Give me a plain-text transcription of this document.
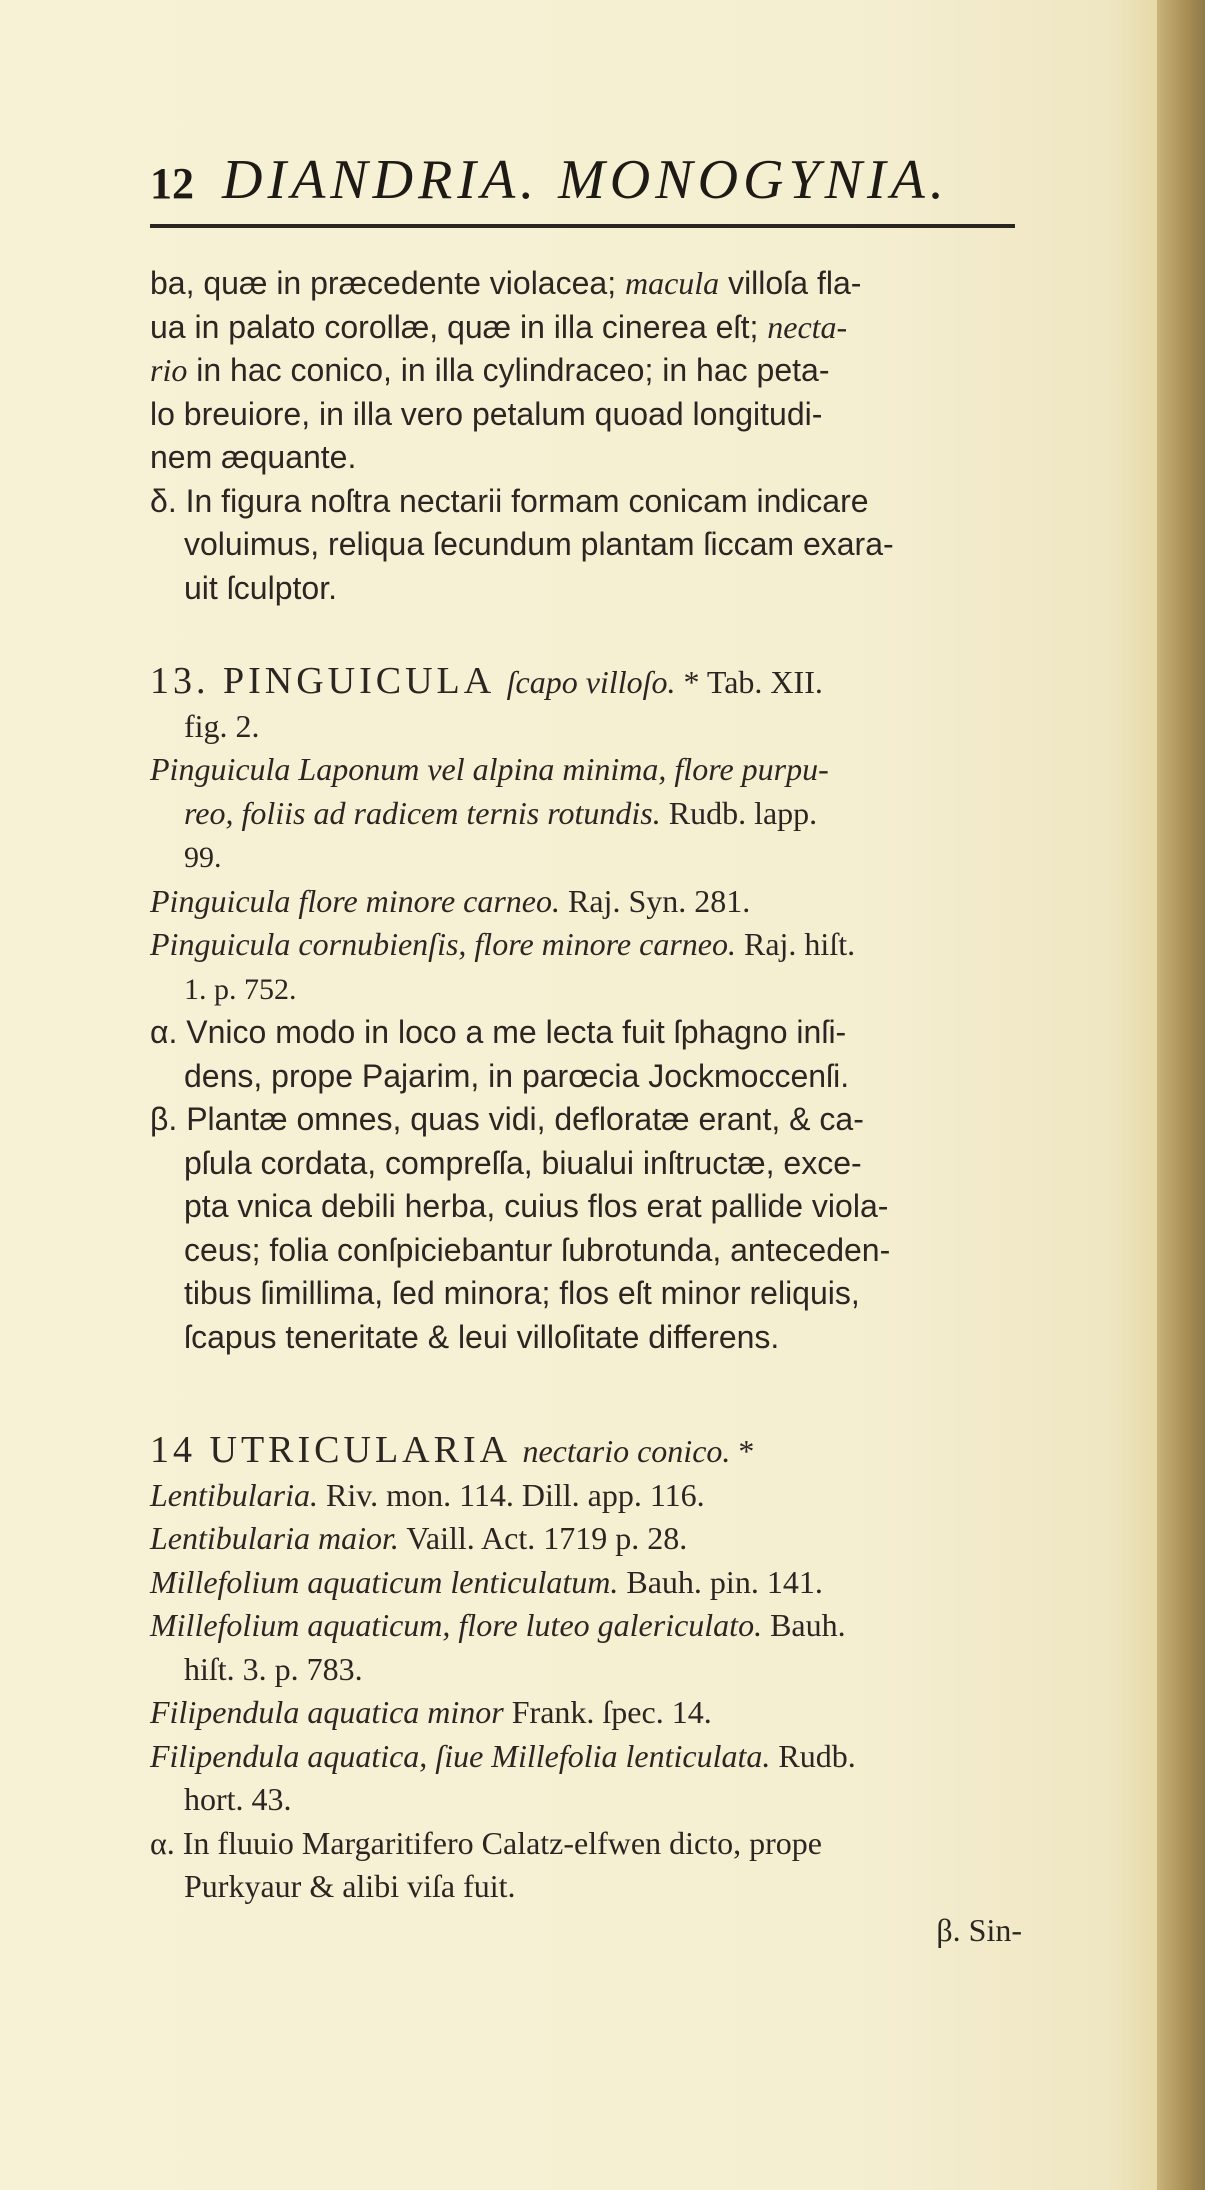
12 DIANDRIA. MONOGYNIA.
ba, quæ in præcedente violacea; macula villoſa fla-
ua in palato corollæ, quæ in illa cinerea eſt; necta-
rio in hac conico, in illa cylindraceo; in hac peta-
lo breuiore, in illa vero petalum quoad longitudi-
nem æquante.
δ. In figura noſtra nectarii formam conicam indicare
voluimus, reliqua ſecundum plantam ſiccam exara-
uit ſculptor.
13. PINGUICULA ſcapo villoſo. * Tab. XII.
fig. 2.
Pinguicula Laponum vel alpina minima, flore purpu-
reo, foliis ad radicem ternis rotundis. Rudb. lapp.
99.
Pinguicula flore minore carneo. Raj. Syn. 281.
Pinguicula cornubienſis, flore minore carneo. Raj. hiſt.
1. p. 752.
α. Vnico modo in loco a me lecta fuit ſphagno inſi-
dens, prope Pajarim, in parœcia Jockmoccenſi.
β. Plantæ omnes, quas vidi, defloratæ erant, & ca-
pſula cordata, compreſſa, biualui inſtructæ, exce-
pta vnica debili herba, cuius flos erat pallide viola-
ceus; folia conſpiciebantur ſubrotunda, anteceden-
tibus ſimillima, ſed minora; flos eſt minor reliquis,
ſcapus teneritate & leui villoſitate differens.
14 UTRICULARIA nectario conico. *
Lentibularia. Riv. mon. 114. Dill. app. 116.
Lentibularia maior. Vaill. Act. 1719 p. 28.
Millefolium aquaticum lenticulatum. Bauh. pin. 141.
Millefolium aquaticum, flore luteo galericulato. Bauh.
hiſt. 3. p. 783.
Filipendula aquatica minor Frank. ſpec. 14.
Filipendula aquatica, ſiue Millefolia lenticulata. Rudb.
hort. 43.
α. In fluuio Margaritifero Calatz-elfwen dicto, prope
Purkyaur & alibi viſa fuit.
β. Sin-
